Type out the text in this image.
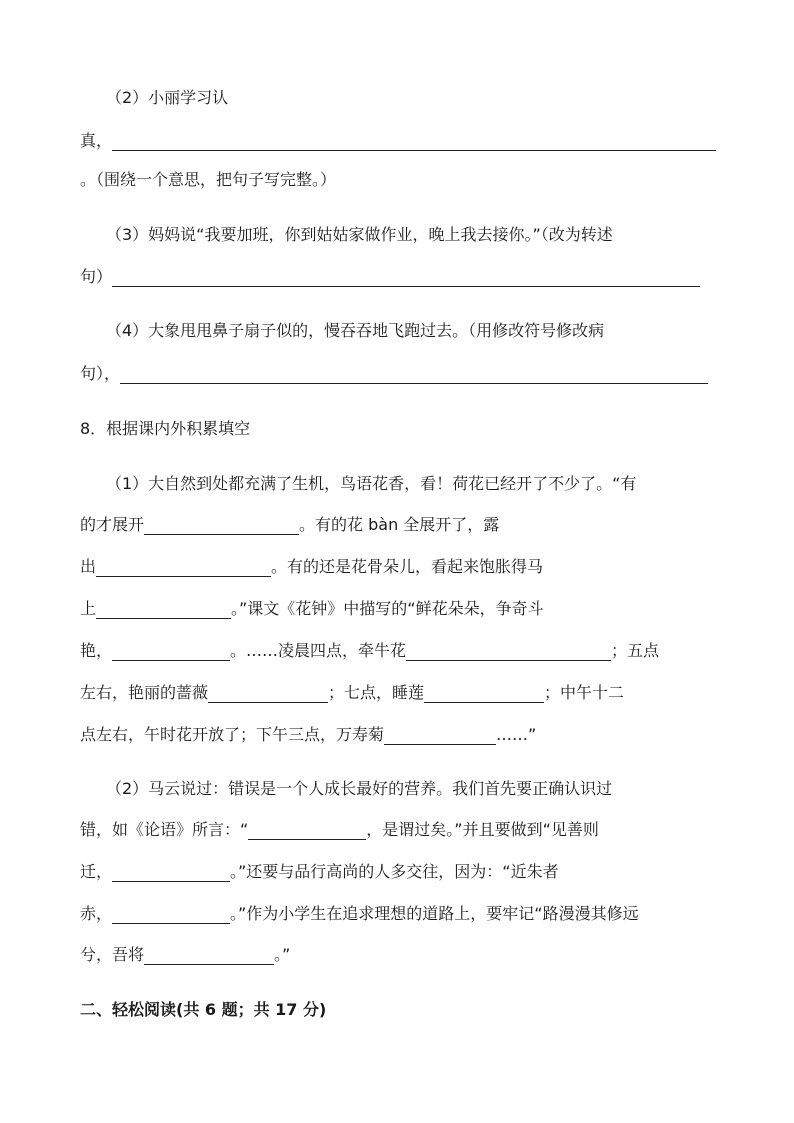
（2）小丽学习认
真，
。（围绕一个意思，把句子写完整。）
（3）妈妈说“我要加班，你到姑姑家做作业，晚上我去接你。”（改为转述
句）
（4）大象甩甩鼻子扇子似的，慢吞吞地飞跑过去。（用修改符号修改病
句），
8．根据课内外积累填空
（1）大自然到处都充满了生机，鸟语花香，看！荷花已经开了不少了。“有
的才展开	。有的花 bàn 全展开了，露
出	。有的还是花骨朵儿，看起来饱胀得马
上	。”课文《花钟》中描写的“鲜花朵朵，争奇斗
艳，	。……凌晨四点，牵牛花	；五点
左右，艳丽的蔷薇	；七点，睡莲	；中午十二
点左右，午时花开放了；下午三点，万寿菊	……”
（2）马云说过：错误是一个人成长最好的营养。我们首先要正确认识过
错，如《论语》所言：“	，是谓过矣。”并且要做到“见善则
迁，	。”还要与品行高尚的人多交往，因为：“近朱者
赤，	。”作为小学生在追求理想的道路上，要牢记“路漫漫其修远
兮，吾将	。”
二、轻松阅读(共 6 题；共 17 分)
